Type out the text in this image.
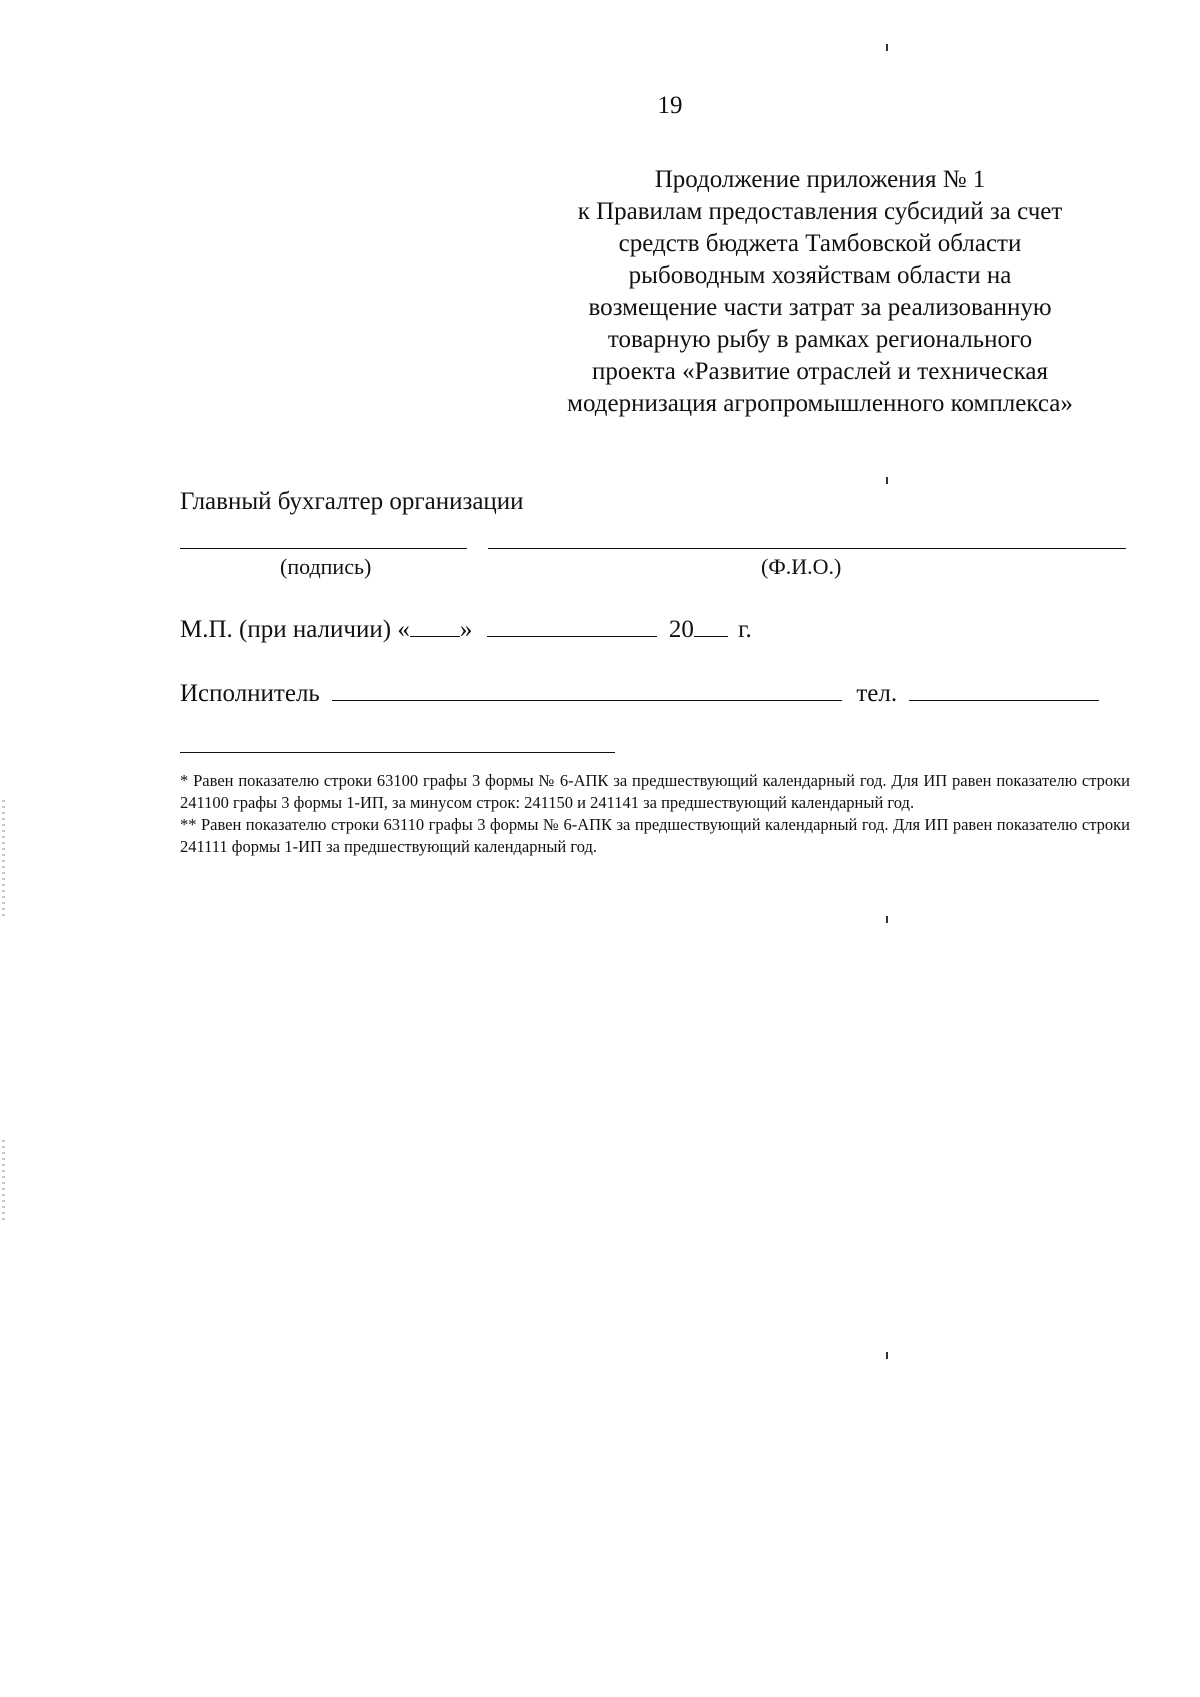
19
Продолжение приложения № 1
к Правилам предоставления субсидий за счет
средств бюджета Тамбовской области
рыбоводным хозяйствам области на
возмещение части затрат за реализованную
товарную рыбу в рамках регионального
проекта «Развитие отраслей и техническая
модернизация агропромышленного комплекса»
Главный бухгалтер организации
(подпись)	(Ф.И.О.)
М.П. (при наличии) « »	20 г.
Исполнитель	тел.

* Равен показателю строки 63100 графы 3 формы № 6-АПК за предшествующий календарный год. Для ИП равен показателю строки 241100 графы 3 формы 1-ИП, за минусом строк: 241150 и 241141 за предшествующий календарный год.

** Равен показателю строки 63110 графы 3 формы № 6-АПК за предшествующий календарный год. Для ИП равен показателю строки 241111 формы 1-ИП за предшествующий календарный год.
